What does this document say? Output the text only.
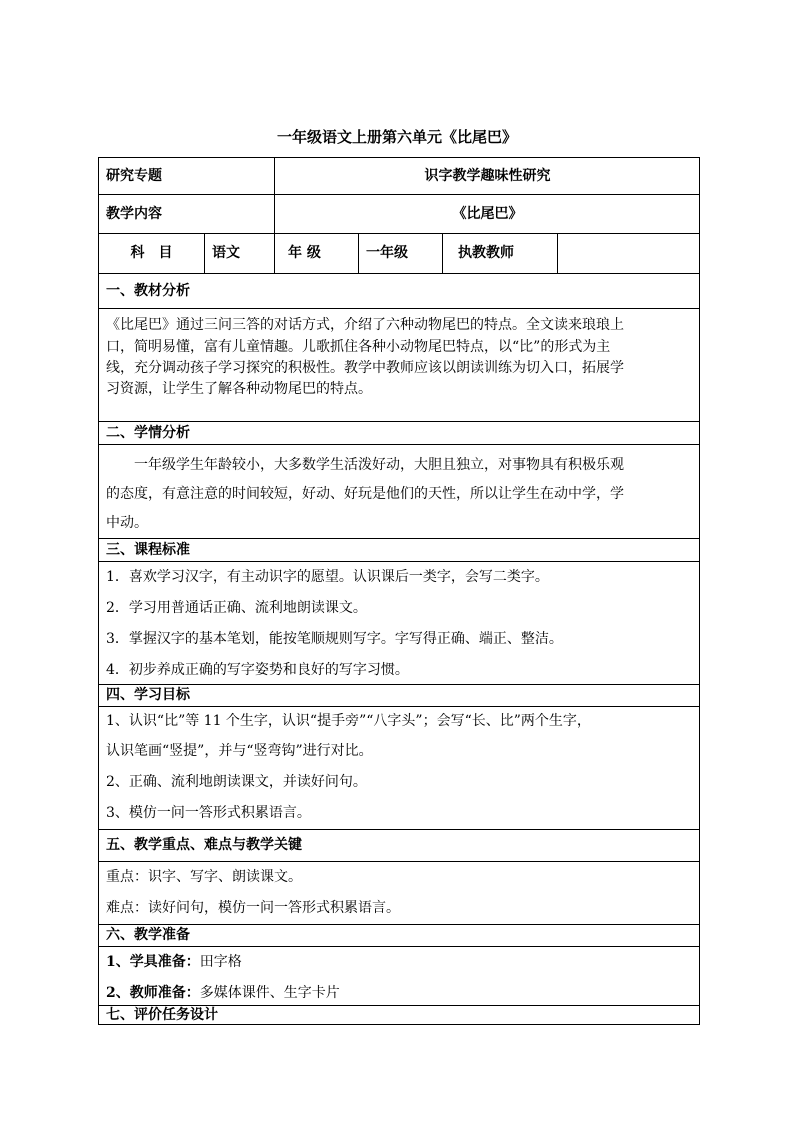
一年级语文上册第六单元《比尾巴》
研究专题	识字教学趣味性研究
教学内容	《比尾巴》
科　目	语文	年 级	一年级	执教教师
一、教材分析
《比尾巴》通过三问三答的对话方式，介绍了六种动物尾巴的特点。全文读来琅琅上
口，简明易懂，富有儿童情趣。儿歌抓住各种小动物尾巴特点，以“比”的形式为主
线，充分调动孩子学习探究的积极性。教学中教师应该以朗读训练为切入口，拓展学
习资源，让学生了解各种动物尾巴的特点。
二、学情分析
一年级学生年龄较小，大多数学生活泼好动，大胆且独立，对事物具有积极乐观
的态度，有意注意的时间较短，好动、好玩是他们的天性，所以让学生在动中学，学
中动。
三、课程标准
1．喜欢学习汉字，有主动识字的愿望。认识课后一类字，会写二类字。
2．学习用普通话正确、流利地朗读课文。
3．掌握汉字的基本笔划，能按笔顺规则写字。字写得正确、端正、整洁。
4．初步养成正确的写字姿势和良好的写字习惯。
四、学习目标
1、认识“比”等 11 个生字，认识“提手旁”“八字头”；会写“长、比”两个生字，
认识笔画“竖提”，并与“竖弯钩”进行对比。
2、正确、流利地朗读课文，并读好问句。
3、模仿一问一答形式积累语言。
五、教学重点、难点与教学关键
重点：识字、写字、朗读课文。
难点：读好问句，模仿一问一答形式积累语言。
六、教学准备
1、学具准备：田字格
2、教师准备：多媒体课件、生字卡片
七、评价任务设计
